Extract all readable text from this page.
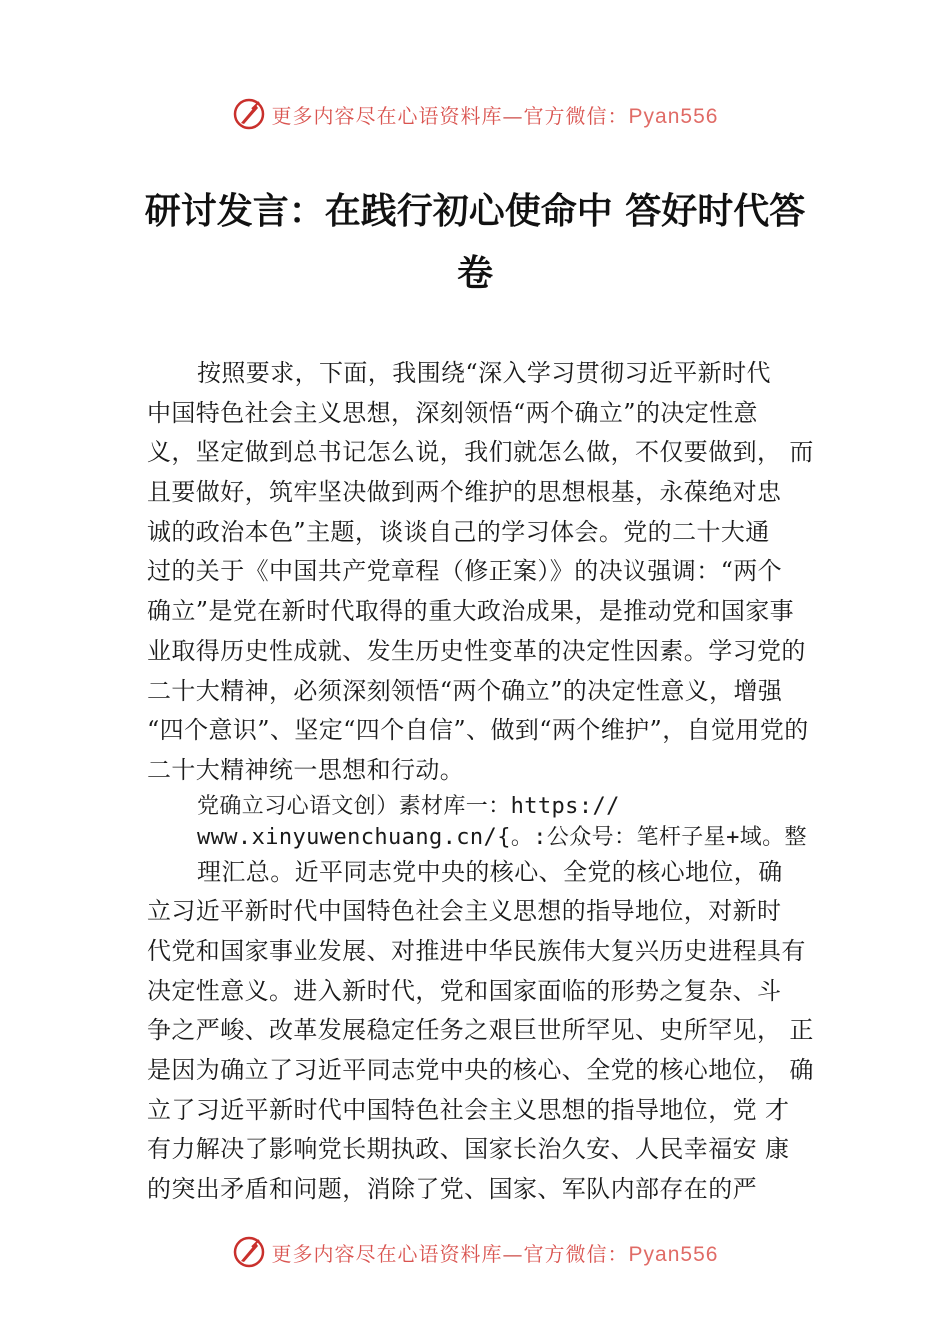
更多内容尽在心语资料库—官方微信：Pyan556
研讨发言：在践行初心使命中 答好时代答
卷
按照要求，下面，我围绕“深入学习贯彻习近平新时代
中国特色社会主义思想，深刻领悟“两个确立”的决定性意
义，坚定做到总书记怎么说，我们就怎么做，不仅要做到， 而
且要做好，筑牢坚决做到两个维护的思想根基，永葆绝对忠
诚的政治本色”主题，谈谈自己的学习体会。党的二十大通
过的关于《中国共产党章程（修正案）》的决议强调：“两个
确立”是党在新时代取得的重大政治成果，是推动党和国家事
业取得历史性成就、发生历史性变革的决定性因素。学习党的
二十大精神，必须深刻领悟“两个确立”的决定性意义，增强
“四个意识”、坚定“四个自信”、做到“两个维护”，自觉用党的
二十大精神统一思想和行动。
党确立习心语文创）素材库一：https://
www.xinyuwenchuang.cn/{。:公众号：笔杆子星+域。整
理汇总。近平同志党中央的核心、全党的核心地位，确
立习近平新时代中国特色社会主义思想的指导地位，对新时
代党和国家事业发展、对推进中华民族伟大复兴历史进程具有
决定性意义。进入新时代，党和国家面临的形势之复杂、斗
争之严峻、改革发展稳定任务之艰巨世所罕见、史所罕见， 正
是因为确立了习近平同志党中央的核心、全党的核心地位， 确
立了习近平新时代中国特色社会主义思想的指导地位，党 才
有力解决了影响党长期执政、国家长治久安、人民幸福安 康
的突出矛盾和问题，消除了党、国家、军队内部存在的严
更多内容尽在心语资料库—官方微信：Pyan556
